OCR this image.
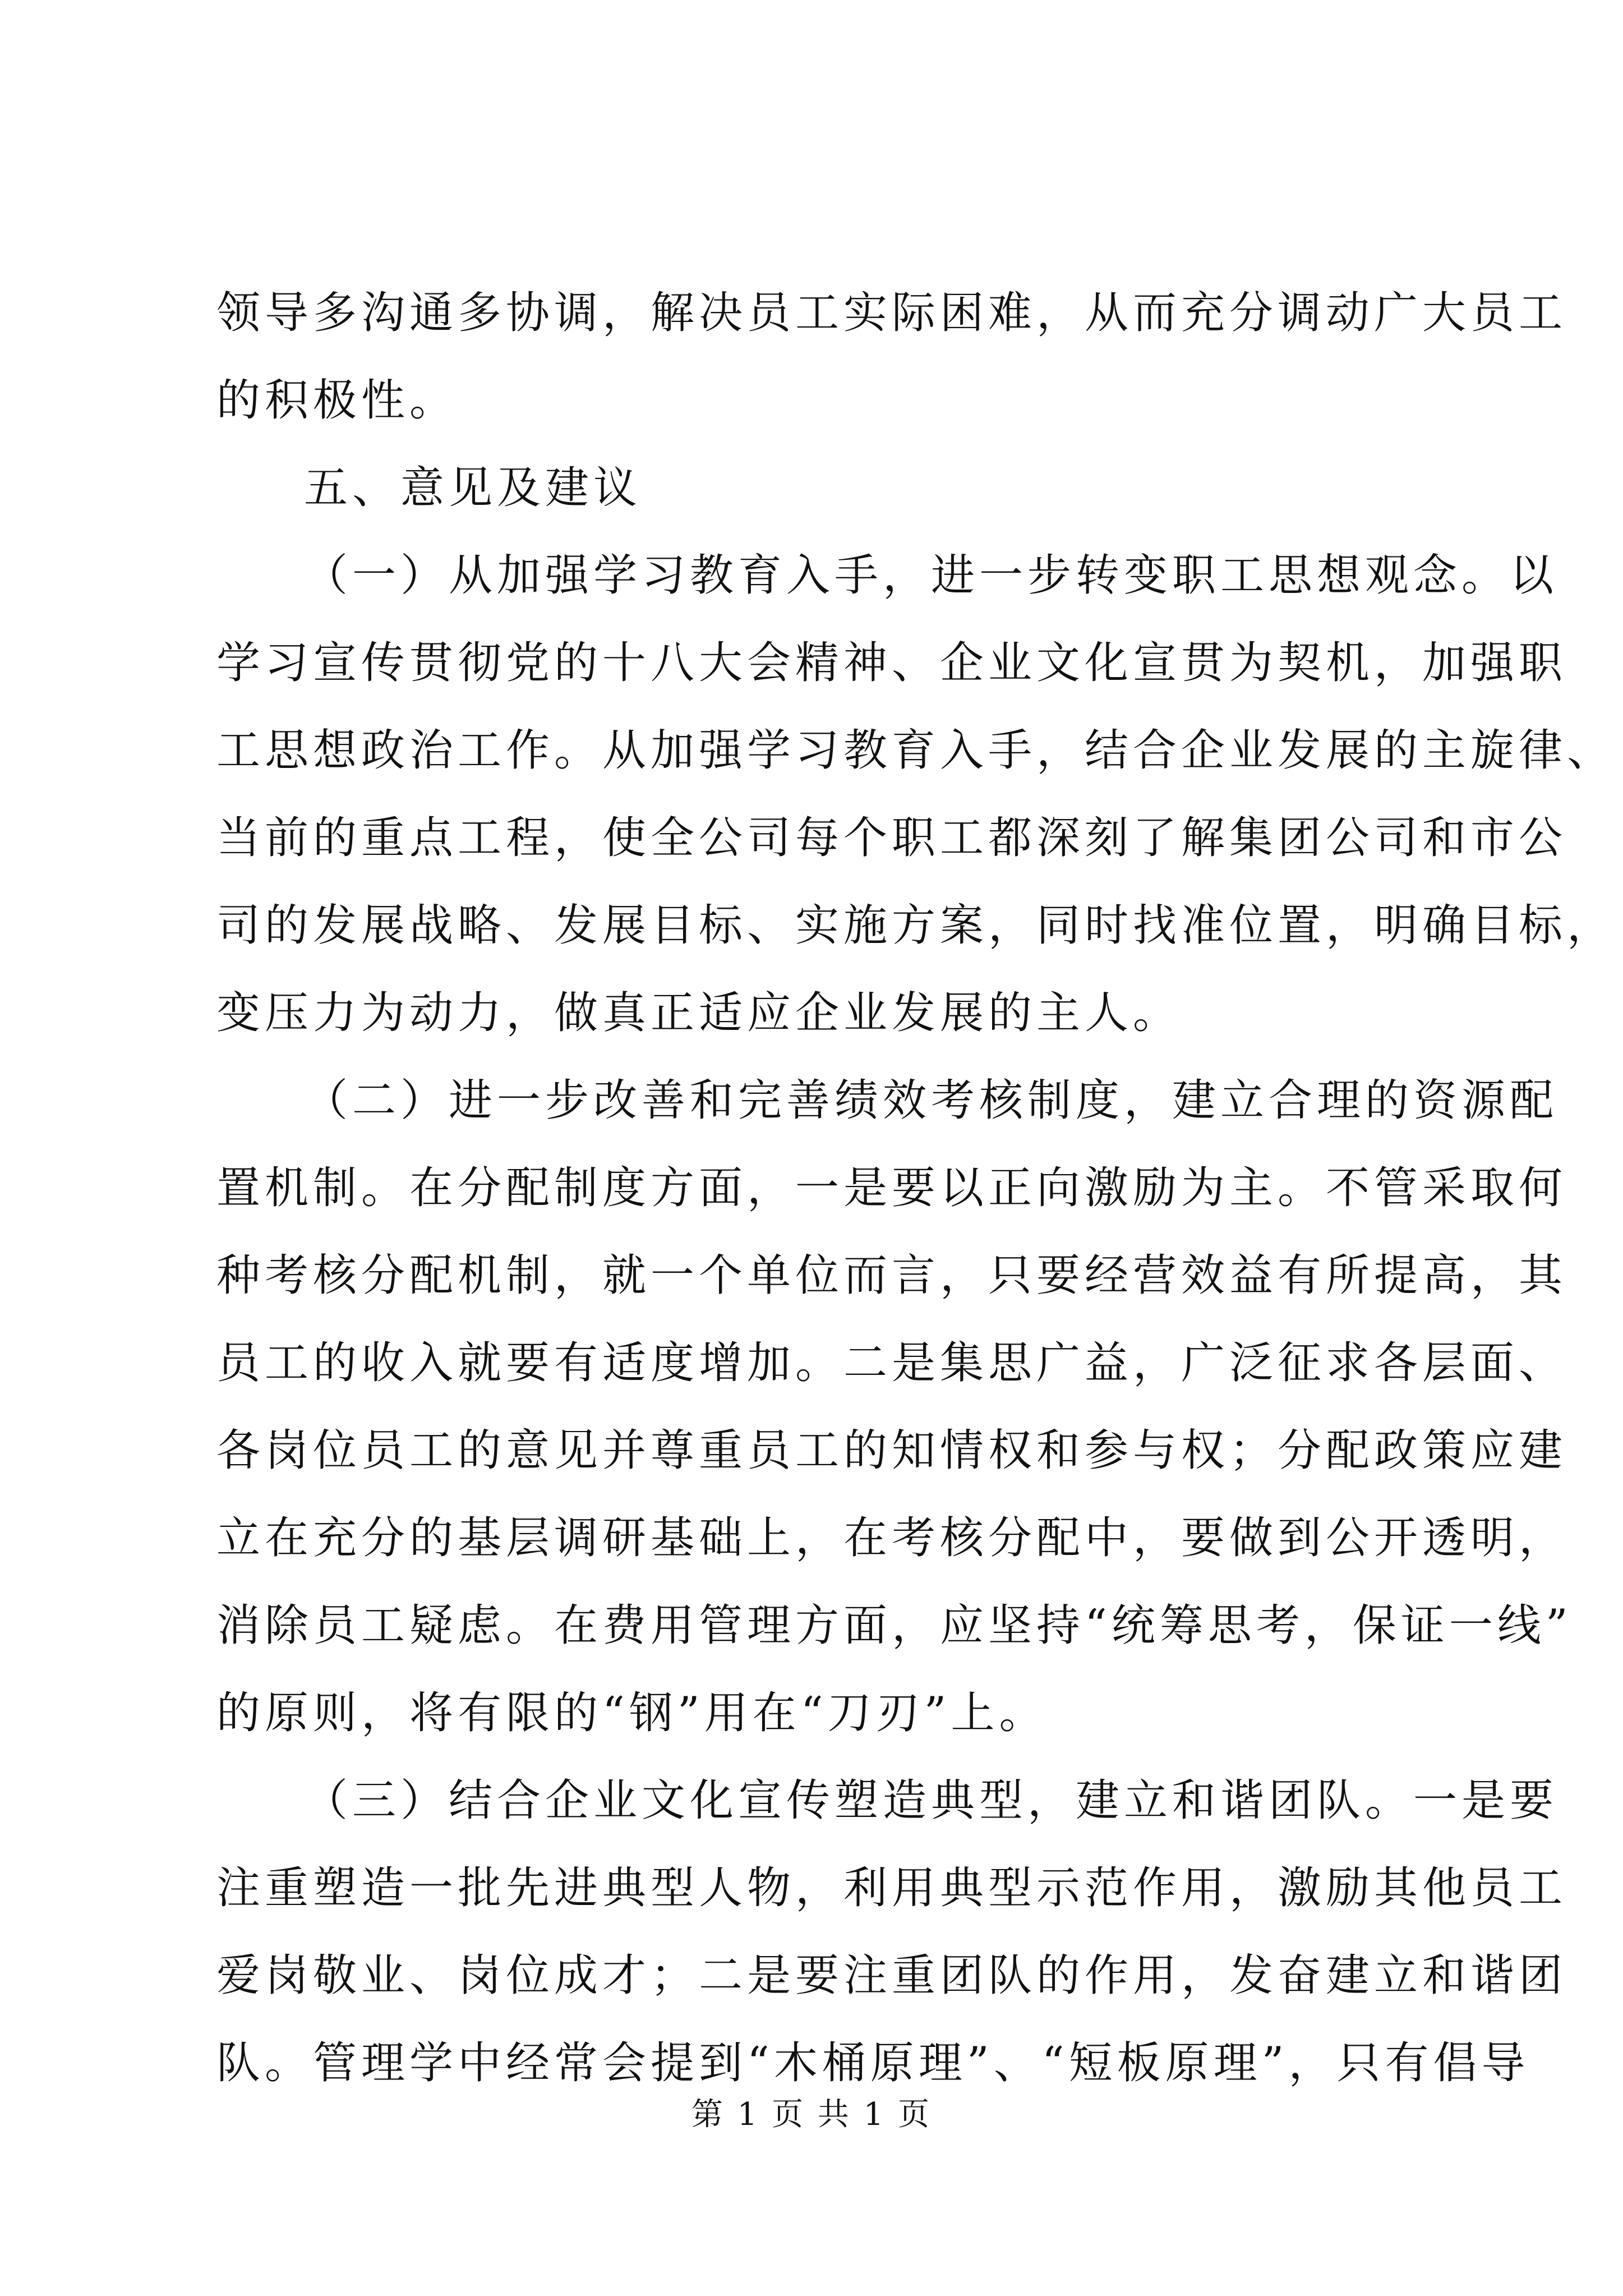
领导多沟通多协调，解决员工实际困难，从而充分调动广大员工
的积极性。
五、意见及建议
（一）从加强学习教育入手，进一步转变职工思想观念。以
学习宣传贯彻党的十八大会精神、企业文化宣贯为契机，加强职
工思想政治工作。从加强学习教育入手，结合企业发展的主旋律、
当前的重点工程，使全公司每个职工都深刻了解集团公司和市公
司的发展战略、发展目标、实施方案，同时找准位置，明确目标，
变压力为动力，做真正适应企业发展的主人。
（二）进一步改善和完善绩效考核制度，建立合理的资源配
置机制。在分配制度方面，一是要以正向激励为主。不管采取何
种考核分配机制，就一个单位而言，只要经营效益有所提高，其
员工的收入就要有适度增加。二是集思广益，广泛征求各层面、
各岗位员工的意见并尊重员工的知情权和参与权；分配政策应建
立在充分的基层调研基础上，在考核分配中，要做到公开透明，
消除员工疑虑。在费用管理方面，应坚持“统筹思考，保证一线”
的原则，将有限的“钢”用在“刀刃”上。
（三）结合企业文化宣传塑造典型，建立和谐团队。一是要
注重塑造一批先进典型人物，利用典型示范作用，激励其他员工
爱岗敬业、岗位成才；二是要注重团队的作用，发奋建立和谐团
队。管理学中经常会提到“木桶原理”、“短板原理”，只有倡导
第 1 页 共 1 页
